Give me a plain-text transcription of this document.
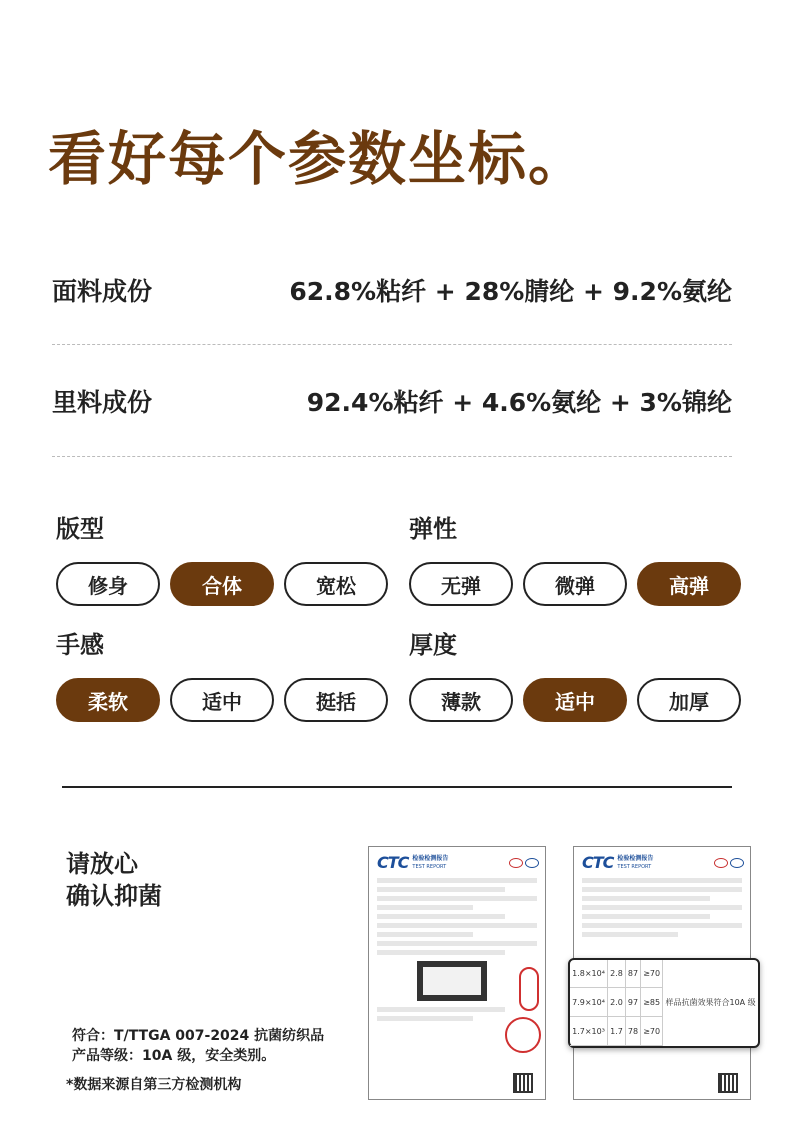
看好每个参数坐标。
面料成份	62.8%粘纤 + 28%腈纶 + 9.2%氨纶
里料成份	92.4%粘纤 + 4.6%氨纶 + 3%锦纶
版型
修身	合体	宽松
弹性
无弹	微弹	高弹
手感
柔软	适中	挺括
厚度
薄款	适中	加厚
请放心
确认抑菌
符合：T/TTGA 007-2024 抗菌纺织品
产品等级：10A 级，安全类别。
*数据来源自第三方检测机构
CTC 检验检测报告
TEST REPORT	CTC 检验检测报告
TEST REPORT
1.8×10⁴	2.8	87	≥70	样品抗菌效果符合10A 级
7.9×10⁴	2.0	97	≥85	
1.7×10³	1.7	78	≥70	
